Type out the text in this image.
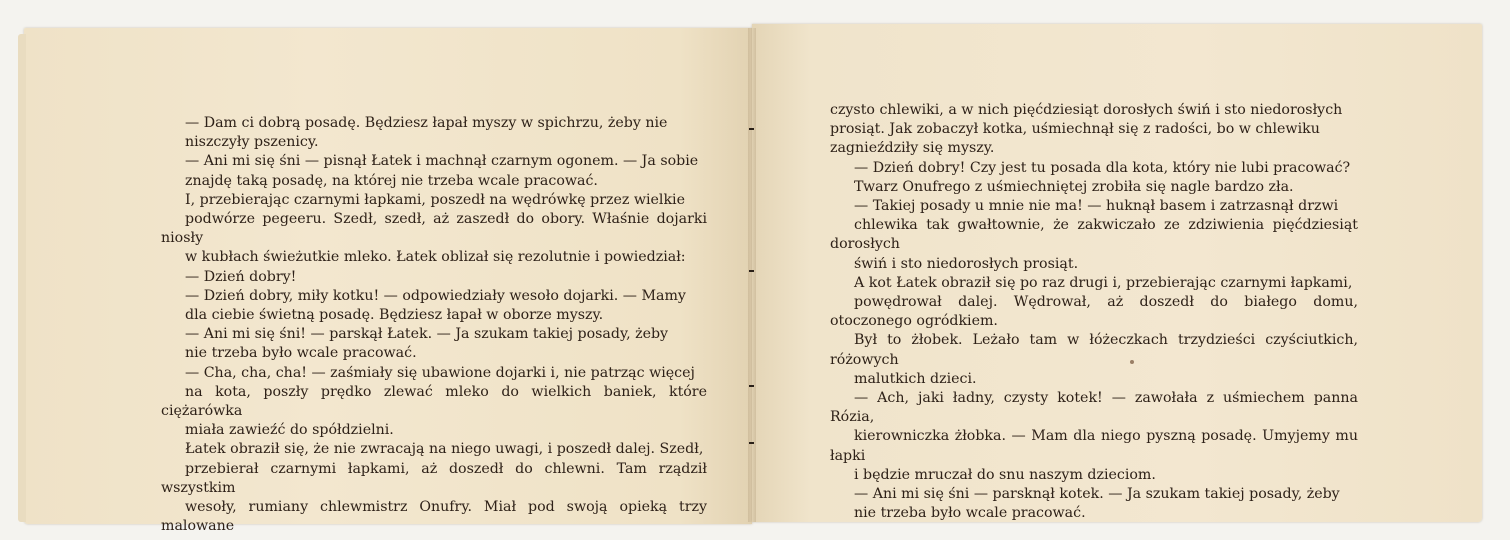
— Dam ci dobrą posadę. Będziesz łapał myszy w spichrzu, żeby nie
niszczyły pszenicy.

— Ani mi się śni — pisnął Łatek i machnął czarnym ogonem. — Ja sobie
znajdę taką posadę, na której nie trzeba wcale pracować.

I, przebierając czarnymi łapkami, poszedł na wędrówkę przez wielkie
podwórze pegeeru. Szedł, szedł, aż zaszedł do obory. Właśnie dojarki niosły
w kubłach świeżutkie mleko. Łatek oblizał się rezolutnie i powiedział:

— Dzień dobry!

— Dzień dobry, miły kotku! — odpowiedziały wesoło dojarki. — Mamy
dla ciebie świetną posadę. Będziesz łapał w oborze myszy.

— Ani mi się śni! — parskął Łatek. — Ja szukam takiej posady, żeby
nie trzeba było wcale pracować.

— Cha, cha, cha! — zaśmiały się ubawione dojarki i, nie patrząc więcej
na kota, poszły prędko zlewać mleko do wielkich baniek, które ciężarówka
miała zawieźć do spółdzielni.

Łatek obraził się, że nie zwracają na niego uwagi, i poszedł dalej. Szedł,
przebierał czarnymi łapkami, aż doszedł do chlewni. Tam rządził wszystkim
wesoły, rumiany chlewmistrz Onufry. Miał pod swoją opieką trzy malowane

czysto chlewiki, a w nich pięćdziesiąt dorosłych świń i sto niedorosłych
prosiąt. Jak zobaczył kotka, uśmiechnął się z radości, bo w chlewiku
zagnieździły się myszy.

— Dzień dobry! Czy jest tu posada dla kota, który nie lubi pracować?

Twarz Onufrego z uśmiechniętej zrobiła się nagle bardzo zła.

— Takiej posady u mnie nie ma! — huknął basem i zatrzasnął drzwi
chlewika tak gwałtownie, że zakwiczało ze zdziwienia pięćdziesiąt dorosłych
świń i sto niedorosłych prosiąt.

A kot Łatek obraził się po raz drugi i, przebierając czarnymi łapkami,
powędrował dalej. Wędrował, aż doszedł do białego domu, otoczonego ogródkiem.
Był to żłobek. Leżało tam w łóżeczkach trzydzieści czyściutkich, różowych
malutkich dzieci.

— Ach, jaki ładny, czysty kotek! — zawołała z uśmiechem panna Rózia,
kierowniczka żłobka. — Mam dla niego pyszną posadę. Umyjemy mu łapki
i będzie mruczał do snu naszym dzieciom.

— Ani mi się śni — parsknął kotek. — Ja szukam takiej posady, żeby
nie trzeba było wcale pracować.
